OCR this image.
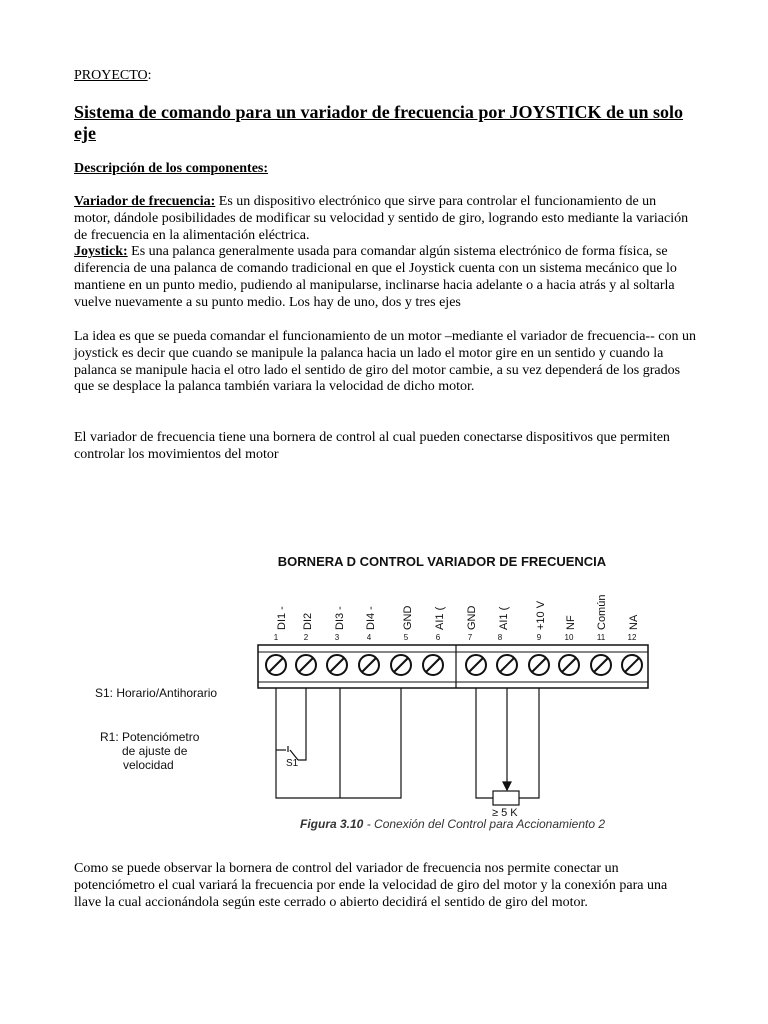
PROYECTO:
Sistema de comando para un variador de frecuencia por JOYSTICK de un solo eje
Descripción de los componentes:
Variador de frecuencia: Es un dispositivo electrónico que sirve para controlar el funcionamiento de un motor, dándole posibilidades de modificar su velocidad y sentido de giro, logrando esto mediante la variación de frecuencia en la alimentación eléctrica.
Joystick: Es una palanca generalmente usada para comandar algún sistema electrónico de forma física, se diferencia de una palanca de comando tradicional en que el Joystick cuenta con un sistema mecánico que lo mantiene en un punto medio, pudiendo al manipularse, inclinarse hacia adelante o a hacia atrás y al soltarla vuelve nuevamente a su punto medio. Los hay de uno, dos y tres ejes
La idea es que se pueda comandar el funcionamiento de un motor –mediante el variador de frecuencia-- con un joystick es decir que cuando se manipule la palanca hacia un lado el motor gire en un sentido y cuando la palanca se manipule hacia el otro lado el sentido de giro del motor cambie, a su vez dependerá de los grados que se desplace la palanca también variara la velocidad de dicho motor.
El variador de frecuencia tiene una bornera de control al cual pueden conectarse dispositivos que permiten controlar los movimientos del motor
BORNERA D CONTROL VARIADOR DE FRECUENCIA
DI1 - DI2 DI3 - DI4 - GND AI1 ( GND AI1 ( +10 V NF Común NA
1	2	3	4	5	6	7	8	9	10	11	12
S1
≥ 5 K
S1: Horario/Antihorario
R1: Potenciómetro
de ajuste de
velocidad
Figura 3.10 - Conexión del Control para Accionamiento 2
Como se puede observar la bornera de control del variador de frecuencia nos permite conectar un potenciómetro el cual variará la frecuencia por ende la velocidad de giro del motor y la conexión para una llave la cual accionándola según este cerrado o abierto decidirá el sentido de giro del motor.
